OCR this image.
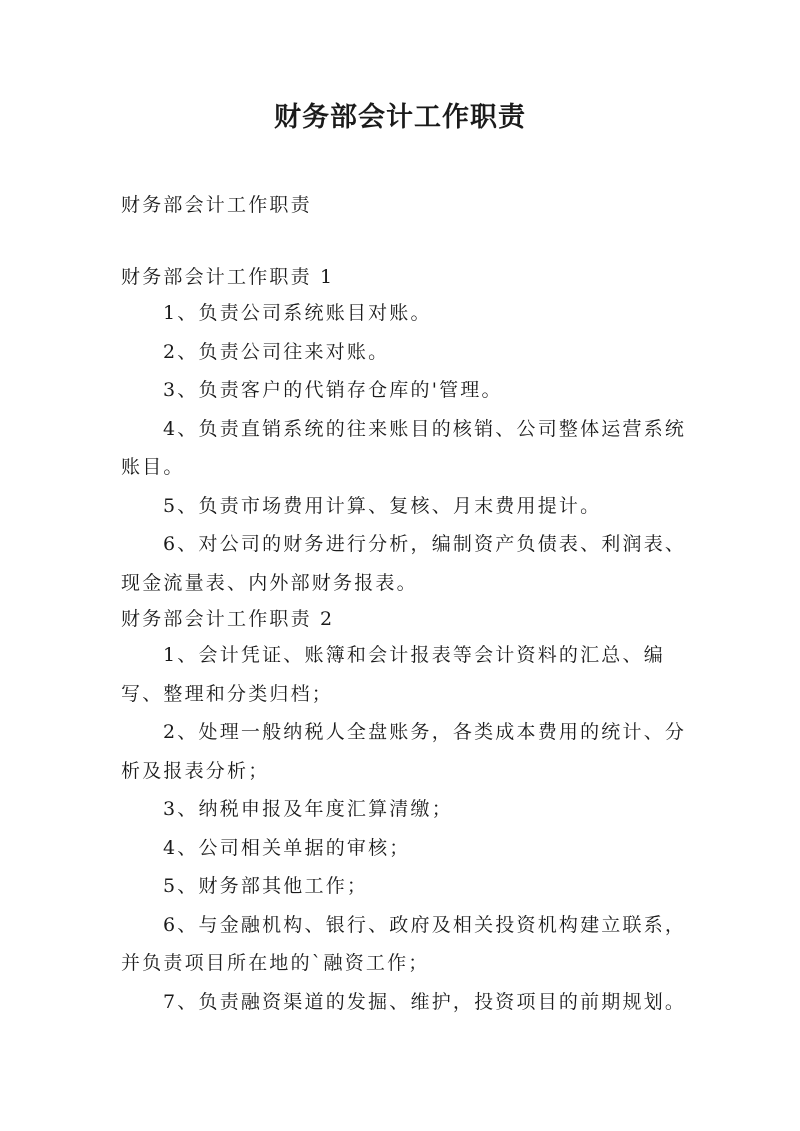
财务部会计工作职责

财务部会计工作职责

财务部会计工作职责 1

1、负责公司系统账目对账。

2、负责公司往来对账。

3、负责客户的代销存仓库的'管理。

4、负责直销系统的往来账目的核销、公司整体运营系统账目。

5、负责市场费用计算、复核、月末费用提计。

6、对公司的财务进行分析，编制资产负债表、利润表、现金流量表、内外部财务报表。

财务部会计工作职责 2

1、会计凭证、账簿和会计报表等会计资料的汇总、编写、整理和分类归档；

2、处理一般纳税人全盘账务，各类成本费用的统计、分析及报表分析；

3、纳税申报及年度汇算清缴；

4、公司相关单据的审核；

5、财务部其他工作；

6、与金融机构、银行、政府及相关投资机构建立联系，并负责项目所在地的`融资工作；

7、负责融资渠道的发掘、维护，投资项目的前期规划。
